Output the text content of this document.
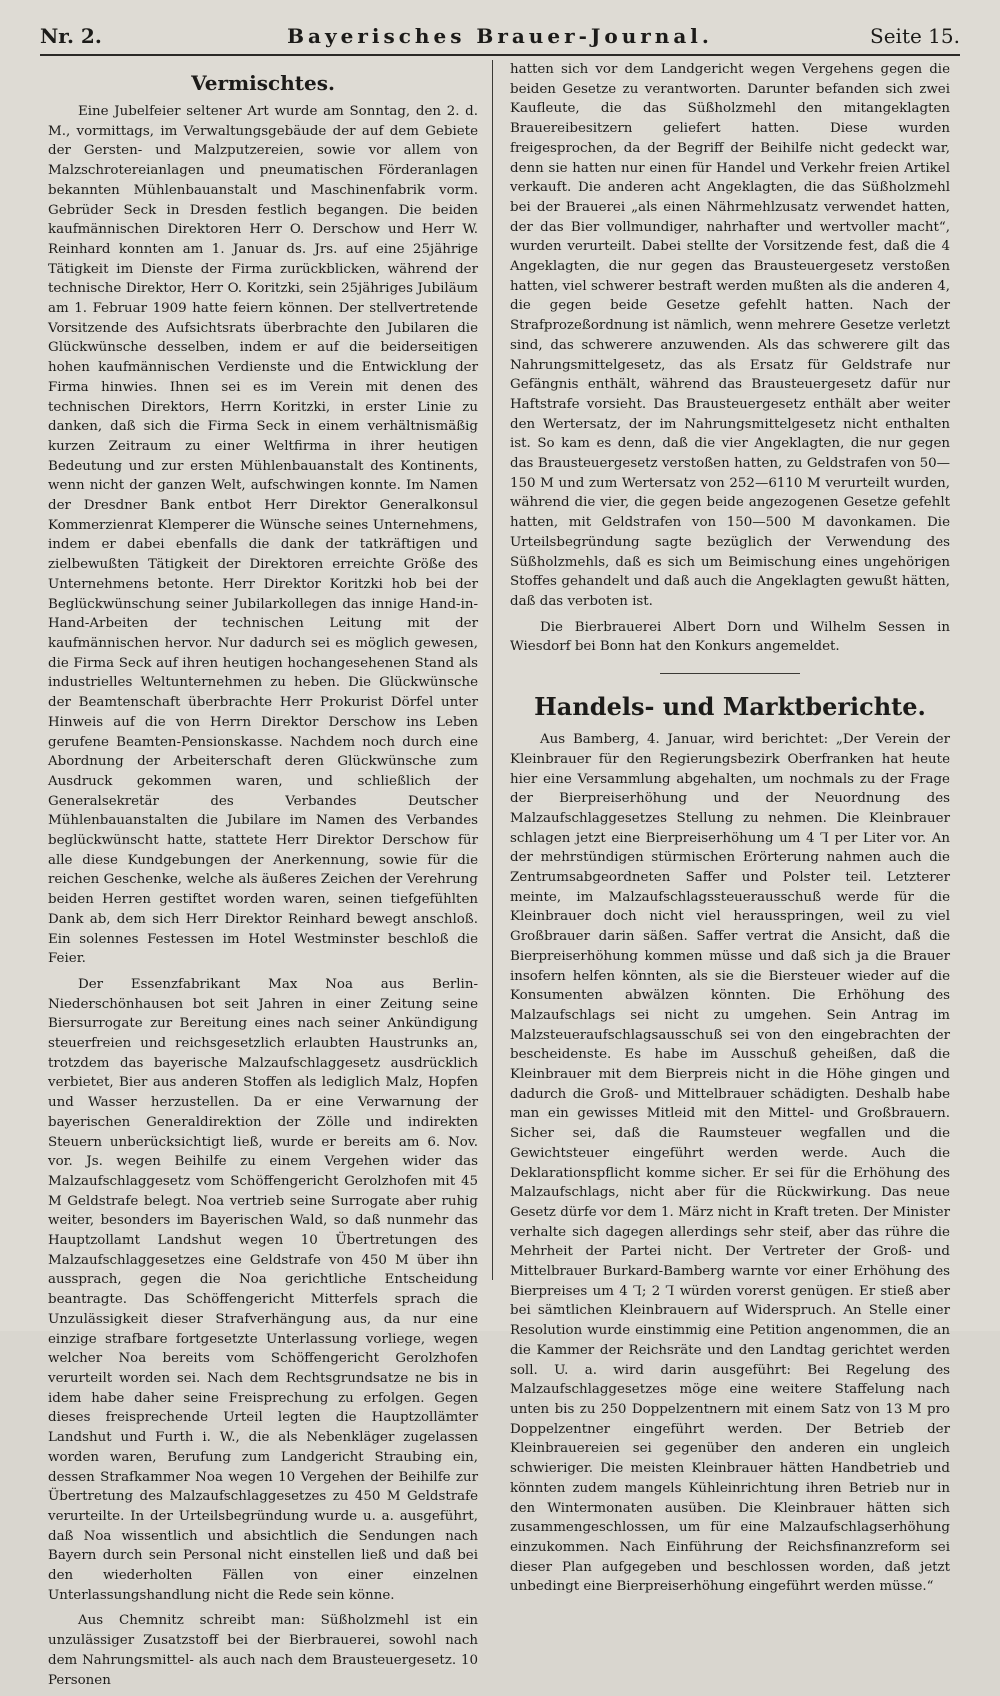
Nr. 2.	Bayerisches Brauer-Journal.	Seite 15.
Vermischtes.

Eine Jubelfeier seltener Art wurde am Sonntag, den 2. d. M., vormittags, im Verwaltungsgebäude der auf dem Gebiete der Gersten- und Malzputzereien, sowie vor allem von Malzschrotereianlagen und pneumatischen Förderanlagen bekannten Mühlenbauanstalt und Maschinenfabrik vorm. Gebrüder Seck in Dresden festlich begangen. Die beiden kaufmännischen Direktoren Herr O. Derschow und Herr W. Reinhard konnten am 1. Januar ds. Jrs. auf eine 25jährige Tätigkeit im Dienste der Firma zurückblicken, während der technische Direktor, Herr O. Koritzki, sein 25jähriges Jubiläum am 1. Februar 1909 hatte feiern können. Der stellvertretende Vorsitzende des Aufsichtsrats überbrachte den Jubilaren die Glückwünsche desselben, indem er auf die beiderseitigen hohen kaufmännischen Verdienste und die Entwicklung der Firma hinwies. Ihnen sei es im Verein mit denen des technischen Direktors, Herrn Koritzki, in erster Linie zu danken, daß sich die Firma Seck in einem verhältnismäßig kurzen Zeitraum zu einer Weltfirma in ihrer heutigen Bedeutung und zur ersten Mühlenbauanstalt des Kontinents, wenn nicht der ganzen Welt, aufschwingen konnte. Im Namen der Dresdner Bank entbot Herr Direktor Generalkonsul Kommerzienrat Klemperer die Wünsche seines Unternehmens, indem er dabei ebenfalls die dank der tatkräftigen und zielbewußten Tätigkeit der Direktoren erreichte Größe des Unternehmens betonte. Herr Direktor Koritzki hob bei der Beglückwünschung seiner Jubilarkollegen das innige Hand-in-Hand-Arbeiten der technischen Leitung mit der kaufmännischen hervor. Nur dadurch sei es möglich gewesen, die Firma Seck auf ihren heutigen hochangesehenen Stand als industrielles Weltunternehmen zu heben. Die Glückwünsche der Beamtenschaft überbrachte Herr Prokurist Dörfel unter Hinweis auf die von Herrn Direktor Derschow ins Leben gerufene Beamten-Pensionskasse. Nachdem noch durch eine Abordnung der Arbeiterschaft deren Glückwünsche zum Ausdruck gekommen waren, und schließlich der Generalsekretär des Verbandes Deutscher Mühlenbauanstalten die Jubilare im Namen des Verbandes beglückwünscht hatte, stattete Herr Direktor Derschow für alle diese Kundgebungen der Anerkennung, sowie für die reichen Geschenke, welche als äußeres Zeichen der Verehrung beiden Herren gestiftet worden waren, seinen tiefgefühlten Dank ab, dem sich Herr Direktor Reinhard bewegt anschloß. Ein solennes Festessen im Hotel Westminster beschloß die Feier.

Der Essenzfabrikant Max Noa aus Berlin-Niederschönhausen bot seit Jahren in einer Zeitung seine Biersurrogate zur Bereitung eines nach seiner Ankündigung steuerfreien und reichsgesetzlich erlaubten Haustrunks an, trotzdem das bayerische Malzaufschlaggesetz ausdrücklich verbietet, Bier aus anderen Stoffen als lediglich Malz, Hopfen und Wasser herzustellen. Da er eine Verwarnung der bayerischen Generaldirektion der Zölle und indirekten Steuern unberücksichtigt ließ, wurde er bereits am 6. Nov. vor. Js. wegen Beihilfe zu einem Vergehen wider das Malzaufschlaggesetz vom Schöffengericht Gerolzhofen mit 45 M Geldstrafe belegt. Noa vertrieb seine Surrogate aber ruhig weiter, besonders im Bayerischen Wald, so daß nunmehr das Hauptzollamt Landshut wegen 10 Übertretungen des Malzaufschlaggesetzes eine Geldstrafe von 450 M über ihn aussprach, gegen die Noa gerichtliche Entscheidung beantragte. Das Schöffengericht Mitterfels sprach die Unzulässigkeit dieser Strafverhängung aus, da nur eine einzige strafbare fortgesetzte Unterlassung vorliege, wegen welcher Noa bereits vom Schöffengericht Gerolzhofen verurteilt worden sei. Nach dem Rechtsgrundsatze ne bis in idem habe daher seine Freisprechung zu erfolgen. Gegen dieses freisprechende Urteil legten die Hauptzollämter Landshut und Furth i. W., die als Nebenkläger zugelassen worden waren, Berufung zum Landgericht Straubing ein, dessen Strafkammer Noa wegen 10 Vergehen der Beihilfe zur Übertretung des Malzaufschlaggesetzes zu 450 M Geldstrafe verurteilte. In der Urteilsbegründung wurde u. a. ausgeführt, daß Noa wissentlich und absichtlich die Sendungen nach Bayern durch sein Personal nicht einstellen ließ und daß bei den wiederholten Fällen von einer einzelnen Unterlassungshandlung nicht die Rede sein könne.

Aus Chemnitz schreibt man: Süßholzmehl ist ein unzulässiger Zusatzstoff bei der Bierbrauerei, sowohl nach dem Nahrungsmittel- als auch nach dem Brausteuergesetz. 10 Personen

hatten sich vor dem Landgericht wegen Vergehens gegen die beiden Gesetze zu verantworten. Darunter befanden sich zwei Kaufleute, die das Süßholzmehl den mitangeklagten Brauereibesitzern geliefert hatten. Diese wurden freigesprochen, da der Begriff der Beihilfe nicht gedeckt war, denn sie hatten nur einen für Handel und Verkehr freien Artikel verkauft. Die anderen acht Angeklagten, die das Süßholzmehl bei der Brauerei „als einen Nährmehlzusatz verwendet hatten, der das Bier vollmundiger, nahrhafter und wertvoller macht“, wurden verurteilt. Dabei stellte der Vorsitzende fest, daß die 4 Angeklagten, die nur gegen das Brausteuergesetz verstoßen hatten, viel schwerer bestraft werden mußten als die anderen 4, die gegen beide Gesetze gefehlt hatten. Nach der Strafprozeßordnung ist nämlich, wenn mehrere Gesetze verletzt sind, das schwerere anzuwenden. Als das schwerere gilt das Nahrungsmittelgesetz, das als Ersatz für Geldstrafe nur Gefängnis enthält, während das Brausteuergesetz dafür nur Haftstrafe vorsieht. Das Brausteuergesetz enthält aber weiter den Wertersatz, der im Nahrungsmittelgesetz nicht enthalten ist. So kam es denn, daß die vier Angeklagten, die nur gegen das Brausteuergesetz verstoßen hatten, zu Geldstrafen von 50—150 M und zum Wertersatz von 252—6110 M verurteilt wurden, während die vier, die gegen beide angezogenen Gesetze gefehlt hatten, mit Geldstrafen von 150—500 M davonkamen. Die Urteilsbegründung sagte bezüglich der Verwendung des Süßholzmehls, daß es sich um Beimischung eines ungehörigen Stoffes gehandelt und daß auch die Angeklagten gewußt hätten, daß das verboten ist.

Die Bierbrauerei Albert Dorn und Wilhelm Sessen in Wiesdorf bei Bonn hat den Konkurs angemeldet.

Handels- und Marktberichte.

Aus Bamberg, 4. Januar, wird berichtet: „Der Verein der Kleinbrauer für den Regierungsbezirk Oberfranken hat heute hier eine Versammlung abgehalten, um nochmals zu der Frage der Bierpreiserhöhung und der Neuordnung des Malzaufschlaggesetzes Stellung zu nehmen. Die Kleinbrauer schlagen jetzt eine Bierpreiserhöhung um 4 Ꞁ per Liter vor. An der mehrstündigen stürmischen Erörterung nahmen auch die Zentrumsabgeordneten Saffer und Polster teil. Letzterer meinte, im Malzaufschlagssteuerausschuß werde für die Kleinbrauer doch nicht viel herausspringen, weil zu viel Großbrauer darin säßen. Saffer vertrat die Ansicht, daß die Bierpreiserhöhung kommen müsse und daß sich ja die Brauer insofern helfen könnten, als sie die Biersteuer wieder auf die Konsumenten abwälzen könnten. Die Erhöhung des Malzaufschlags sei nicht zu umgehen. Sein Antrag im Malzsteueraufschlagsausschuß sei von den eingebrachten der bescheidenste. Es habe im Ausschuß geheißen, daß die Kleinbrauer mit dem Bierpreis nicht in die Höhe gingen und dadurch die Groß- und Mittelbrauer schädigten. Deshalb habe man ein gewisses Mitleid mit den Mittel- und Großbrauern. Sicher sei, daß die Raumsteuer wegfallen und die Gewichtsteuer eingeführt werden werde. Auch die Deklarationspflicht komme sicher. Er sei für die Erhöhung des Malzaufschlags, nicht aber für die Rückwirkung. Das neue Gesetz dürfe vor dem 1. März nicht in Kraft treten. Der Minister verhalte sich dagegen allerdings sehr steif, aber das rühre die Mehrheit der Partei nicht. Der Vertreter der Groß- und Mittelbrauer Burkard-Bamberg warnte vor einer Erhöhung des Bierpreises um 4 Ꞁ; 2 Ꞁ würden vorerst genügen. Er stieß aber bei sämtlichen Kleinbrauern auf Widerspruch. An Stelle einer Resolution wurde einstimmig eine Petition angenommen, die an die Kammer der Reichsräte und den Landtag gerichtet werden soll. U. a. wird darin ausgeführt: Bei Regelung des Malzaufschlaggesetzes möge eine weitere Staffelung nach unten bis zu 250 Doppelzentnern mit einem Satz von 13 M pro Doppelzentner eingeführt werden. Der Betrieb der Kleinbrauereien sei gegenüber den anderen ein ungleich schwieriger. Die meisten Kleinbrauer hätten Handbetrieb und könnten zudem mangels Kühleinrichtung ihren Betrieb nur in den Wintermonaten ausüben. Die Kleinbrauer hätten sich zusammengeschlossen, um für eine Malzaufschlagserhöhung einzukommen. Nach Einführung der Reichsfinanzreform sei dieser Plan aufgegeben und beschlossen worden, daß jetzt unbedingt eine Bierpreiserhöhung eingeführt werden müsse.“
